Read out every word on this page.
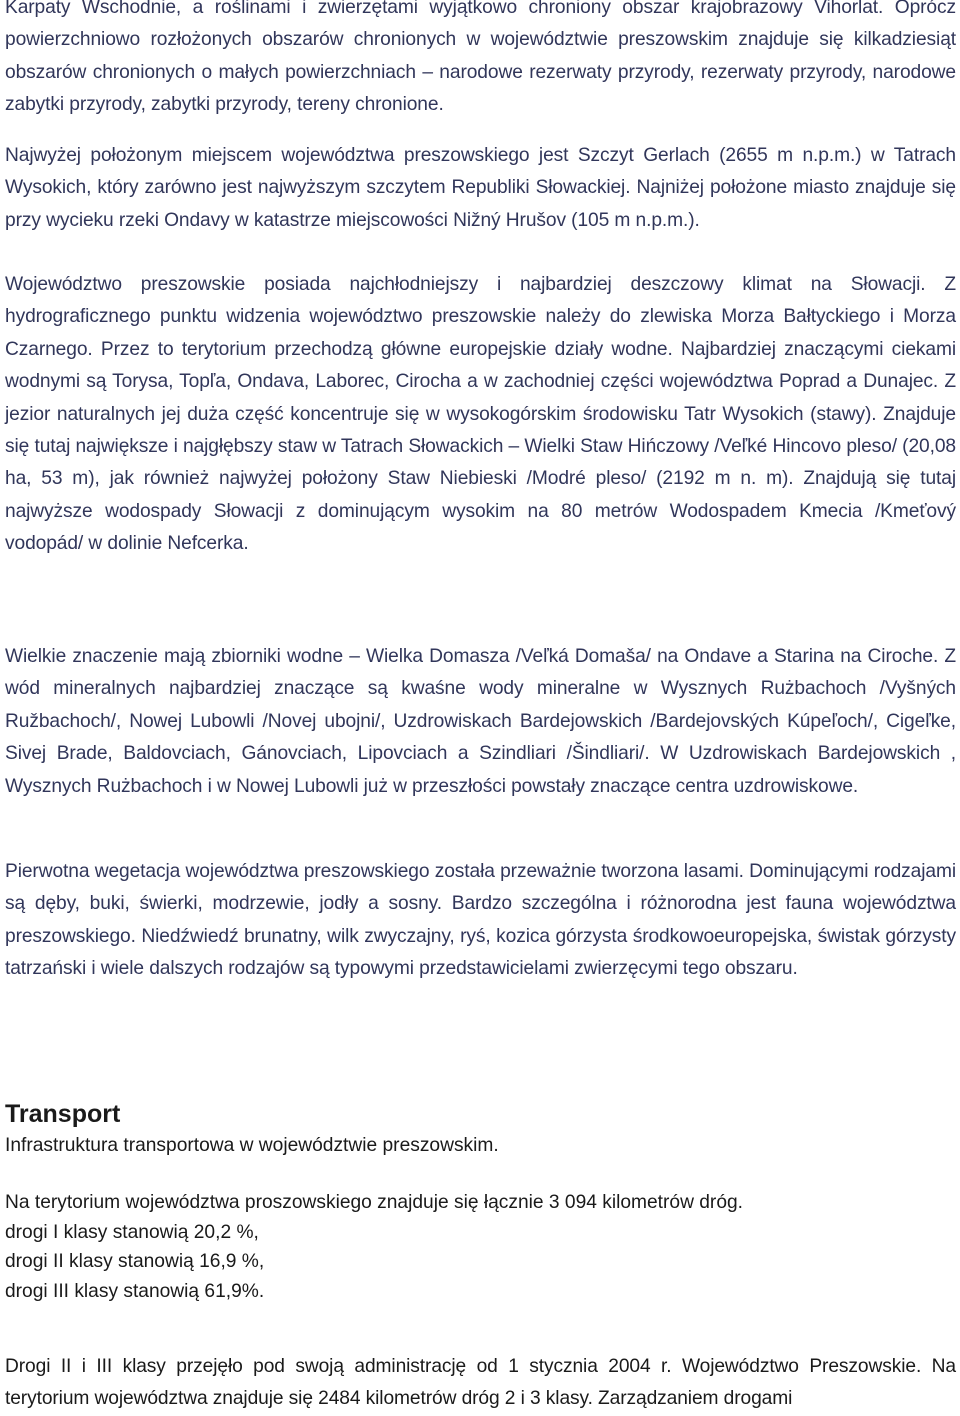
Karpaty Wschodnie, a roślinami i zwierzętami wyjątkowo chroniony obszar krajobrazowy Vihorlat. Oprócz powierzchniowo rozłożonych obszarów chronionych w województwie preszowskim znajduje się kilkadziesiąt obszarów chronionych o małych powierzchniach – narodowe rezerwaty przyrody, rezerwaty przyrody, narodowe zabytki przyrody, zabytki przyrody, tereny chronione.

Najwyżej położonym miejscem województwa preszowskiego jest Szczyt Gerlach (2655 m n.p.m.) w Tatrach Wysokich, który zarówno jest najwyższym szczytem Republiki Słowackiej. Najniżej położone miasto znajduje się przy wycieku rzeki Ondavy w katastrze miejscowości Nižný Hrušov (105 m n.p.m.).

Województwo preszowskie posiada najchłodniejszy i najbardziej deszczowy klimat na Słowacji. Z hydrograficznego punktu widzenia województwo preszowskie należy do zlewiska Morza Bałtyckiego i Morza Czarnego. Przez to terytorium przechodzą główne europejskie działy wodne. Najbardziej znaczącymi ciekami wodnymi są Torysa, Topľa, Ondava, Laborec, Cirocha a w zachodniej części województwa Poprad a Dunajec. Z jezior naturalnych jej duża część koncentruje się w wysokogórskim środowisku Tatr Wysokich (stawy). Znajduje się tutaj największe i najgłębszy staw w Tatrach Słowackich – Wielki Staw Hińczowy /Veľké Hincovo pleso/ (20,08 ha, 53 m), jak również najwyżej położony Staw Niebieski /Modré pleso/ (2192 m n. m). Znajdują się tutaj najwyższe wodospady Słowacji z dominującym wysokim na 80 metrów Wodospadem Kmecia /Kmeťový vodopád/ w dolinie Nefcerka.

Wielkie znaczenie mają zbiorniki wodne – Wielka Domasza /Veľká Domaša/ na Ondave a Starina na Ciroche. Z wód mineralnych najbardziej znaczące są kwaśne wody mineralne w Wysznych Rużbachoch /Vyšných Ružbachoch/, Nowej Lubowli /Novej ubojni/, Uzdrowiskach Bardejowskich /Bardejovských Kúpeľoch/, Cigeľke, Sivej Brade, Baldovciach, Gánovciach, Lipovciach a Szindliari /Šindliari/. W Uzdrowiskach Bardejowskich , Wysznych Rużbachoch i w Nowej Lubowli już w przeszłości powstały znaczące centra uzdrowiskowe.

Pierwotna wegetacja województwa preszowskiego została przeważnie tworzona lasami. Dominującymi rodzajami są dęby, buki, świerki, modrzewie, jodły a sosny. Bardzo szczególna i różnorodna jest fauna województwa preszowskiego. Niedźwiedź brunatny, wilk zwyczajny, ryś, kozica górzysta środkowoeuropejska, świstak górzysty tatrzański i wiele dalszych rodzajów są typowymi przedstawicielami zwierzęcymi tego obszaru.

Transport

Infrastruktura transportowa w województwie preszowskim.

Na terytorium województwa proszowskiego znajduje się łącznie 3 094 kilometrów dróg.
drogi I klasy stanowią 20,2 %,
drogi II klasy stanowią 16,9 %,
drogi III klasy stanowią 61,9%.

Drogi II i III klasy przejęło pod swoją administrację od 1 stycznia 2004 r. Województwo Preszowskie. Na terytorium województwa znajduje się 2484 kilometrów dróg 2 i 3 klasy. Zarządzaniem drogami
